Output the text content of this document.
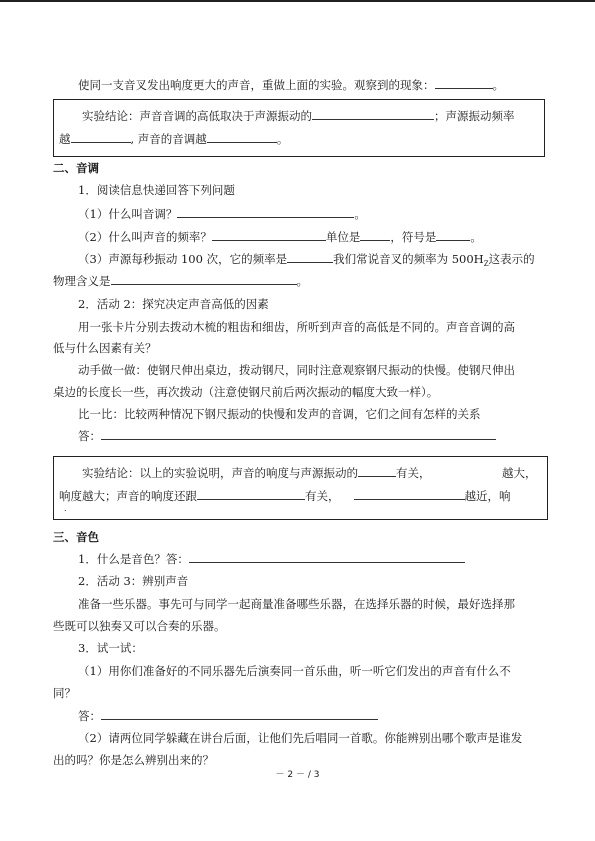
使同一支音叉发出响度更大的声音，重做上面的实验。观察到的现象：	。
实验结论：声音音调的高低取决于声源振动的	；声源振动频率
越	, 声音的音调越	。
二、音调
1．阅读信息快递回答下列问题
（1）什么叫音调？	。
（2）什么叫声音的频率？	单位是	，符号是	。
（3）声源每秒振动 100 次，它的频率是	我们常说音叉的频率为 $500H_Z$这表示的
物理含义是	。
2．活动 2：探究决定声音高低的因素
用一张卡片分别去拨动木梳的粗齿和细齿，所听到声音的高低是不同的。声音音调的高
低与什么因素有关？
动手做一做：使钢尺伸出桌边，拨动钢尺，同时注意观察钢尺振动的快慢。使钢尺伸出
桌边的长度长一些，再次拨动（注意使钢尺前后两次振动的幅度大致一样）。
比一比：比较两种情况下钢尺振动的快慢和发声的音调，它们之间有怎样的关系
答：
实验结论：以上的实验说明，声音的响度与声源振动的	有关，	越大，
响度越大；声音的响度还跟	有关，	越近，响
.
三、音色
1．什么是音色？答：
2．活动 3：辨别声音
准备一些乐器。事先可与同学一起商量准备哪些乐器，在选择乐器的时候，最好选择那
些既可以独奏又可以合奏的乐器。
3．试一试：
（1）用你们准备好的不同乐器先后演奏同一首乐曲，听一听它们发出的声音有什么不
同？
答：
（2）请两位同学躲藏在讲台后面，让他们先后唱同一首歌。你能辨别出哪个歌声是谁发
出的吗？你是怎么辨别出来的？
－ 2 － / 3
